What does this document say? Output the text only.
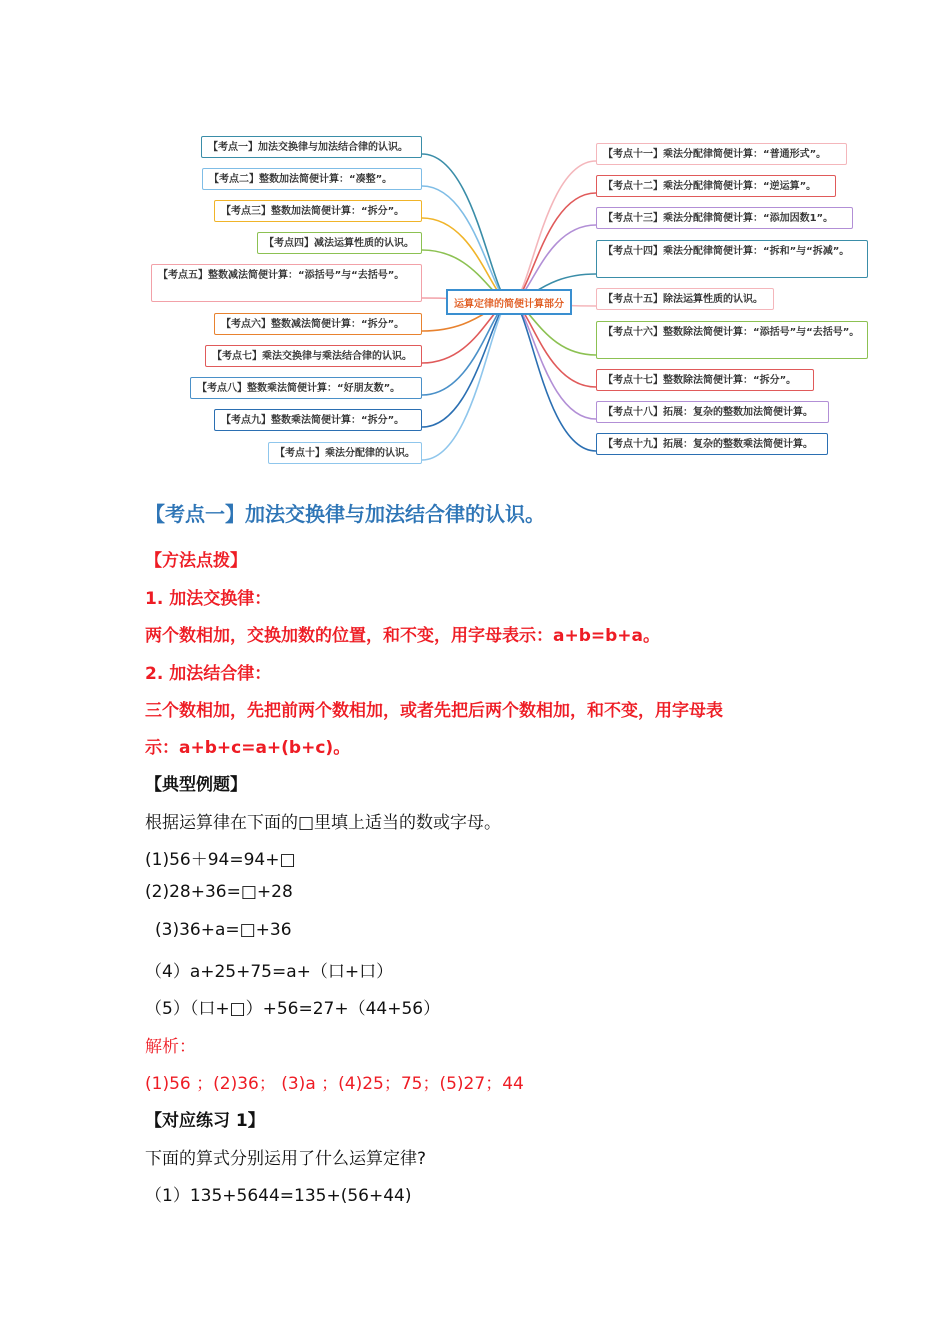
运算定律的简便计算部分
【考点一】加法交换律与加法结合律的认识。
【考点二】整数加法简便计算：“凑整”。
【考点三】整数加法简便计算：“拆分”。
【考点四】减法运算性质的认识。
【考点五】整数减法简便计算：“添括号”与“去括号”。
【考点六】整数减法简便计算：“拆分”。
【考点七】乘法交换律与乘法结合律的认识。
【考点八】整数乘法简便计算：“好朋友数”。
【考点九】整数乘法简便计算：“拆分”。
【考点十】乘法分配律的认识。
【考点十一】乘法分配律简便计算：“普通形式”。
【考点十二】乘法分配律简便计算：“逆运算”。
【考点十三】乘法分配律简便计算：“添加因数1”。
【考点十四】乘法分配律简便计算：“拆和”与“拆减”。
【考点十五】除法运算性质的认识。
【考点十六】整数除法简便计算：“添括号”与“去括号”。
【考点十七】整数除法简便计算：“拆分”。
【考点十八】拓展：复杂的整数加法简便计算。
【考点十九】拓展：复杂的整数乘法简便计算。
【考点一】加法交换律与加法结合律的认识。
【方法点拨】
1. 加法交换律：
两个数相加，交换加数的位置，和不变，用字母表示：a+b=b+a。
2. 加法结合律：
三个数相加，先把前两个数相加，或者先把后两个数相加，和不变，用字母表
示：a+b+c=a+(b+c)。
【典型例题】
根据运算律在下面的□里填上适当的数或字母。
(1)56＋94=94+□
(2)28+36=□+28
(3)36+a=□+36
（4）a+25+75=a+（口+口）
（5）（口+□）+56=27+（44+56）
解析：
(1)56 ；(2)36； (3)a ；(4)25；75；(5)27；44
【对应练习 1】
下面的算式分别运用了什么运算定律?
（1）135+5644=135+(56+44)
